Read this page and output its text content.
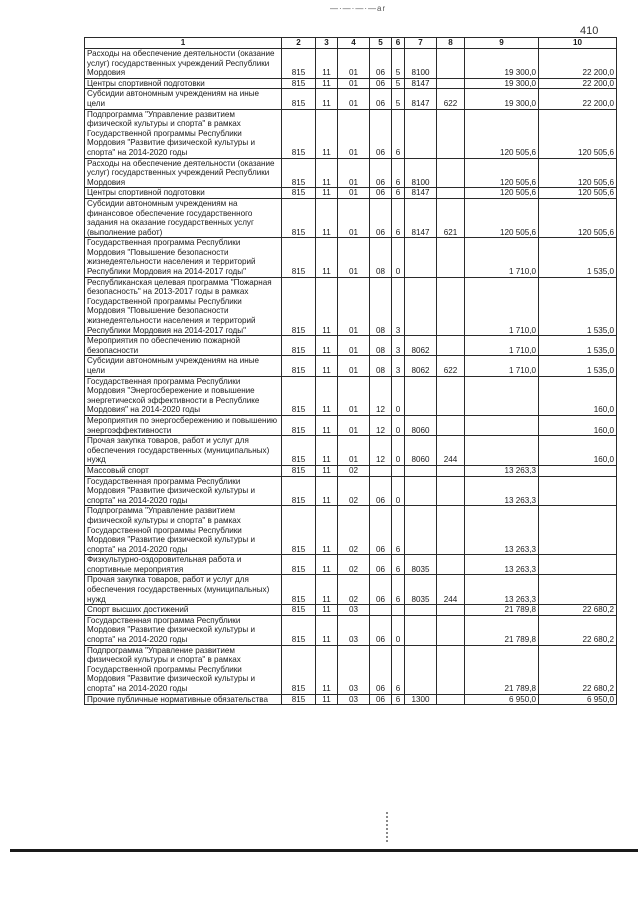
—·—·—·—ar
410
1	2	3	4	5	6	7	8	9	10
Расходы на обеспечение деятельности (оказание услуг) государственных учреждений Республики Мордовия	815	11	01	06	5	8100		19 300,0	22 200,0
Центры спортивной подготовки	815	11	01	06	5	8147		19 300,0	22 200,0
Субсидии автономным учреждениям на иные цели	815	11	01	06	5	8147	622	19 300,0	22 200,0
Подпрограмма "Управление развитием физической культуры и спорта" в рамках Государственной программы Республики Мордовия "Развитие физической культуры и спорта" на 2014-2020 годы	815	11	01	06	6			120 505,6	120 505,6
Расходы на обеспечение деятельности (оказание услуг) государственных учреждений Республики Мордовия	815	11	01	06	6	8100		120 505,6	120 505,6
Центры спортивной подготовки	815	11	01	06	6	8147		120 505,6	120 505,6
Субсидии автономным учреждениям на финансовое обеспечение государственного задания на оказание государственных услуг (выполнение работ)	815	11	01	06	6	8147	621	120 505,6	120 505,6
Государственная программа Республики Мордовия "Повышение безопасности жизнедеятельности населения и территорий Республики Мордовия на 2014-2017 годы"	815	11	01	08	0			1 710,0	1 535,0
Республиканская целевая программа "Пожарная безопасность" на 2013-2017 годы в рамках Государственной программы Республики Мордовия "Повышение безопасности жизнедеятельности населения и территорий Республики Мордовия на 2014-2017 годы"	815	11	01	08	3			1 710,0	1 535,0
Мероприятия по обеспечению пожарной безопасности	815	11	01	08	3	8062		1 710,0	1 535,0
Субсидии автономным учреждениям на иные цели	815	11	01	08	3	8062	622	1 710,0	1 535,0
Государственная программа Республики Мордовия "Энергосбережение и повышение энергетической эффективности в Республике Мордовия" на 2014-2020 годы	815	11	01	12	0				160,0
Мероприятия по энергосбережению и повышению энергоэффективности	815	11	01	12	0	8060			160,0
Прочая закупка товаров, работ и услуг для обеспечения государственных (муниципальных) нужд	815	11	01	12	0	8060	244		160,0
Массовый спорт	815	11	02					13 263,3	
Государственная программа Республики Мордовия "Развитие физической культуры и спорта" на 2014-2020 годы	815	11	02	06	0			13 263,3	
Подпрограмма "Управление развитием физической культуры и спорта" в рамках Государственной программы Республики Мордовия "Развитие физической культуры и спорта" на 2014-2020 годы	815	11	02	06	6			13 263,3	
Физкультурно-оздоровительная работа и спортивные мероприятия	815	11	02	06	6	8035		13 263,3	
Прочая закупка товаров, работ и услуг для обеспечения государственных (муниципальных) нужд	815	11	02	06	6	8035	244	13 263,3	
Спорт высших достижений	815	11	03					21 789,8	22 680,2
Государственная программа Республики Мордовия "Развитие физической культуры и спорта" на 2014-2020 годы	815	11	03	06	0			21 789,8	22 680,2
Подпрограмма "Управление развитием физической культуры и спорта" в рамках Государственной программы Республики Мордовия "Развитие физической культуры и спорта" на 2014-2020 годы	815	11	03	06	6			21 789,8	22 680,2
Прочие публичные нормативные обязательства	815	11	03	06	6	1300		6 950,0	6 950,0
